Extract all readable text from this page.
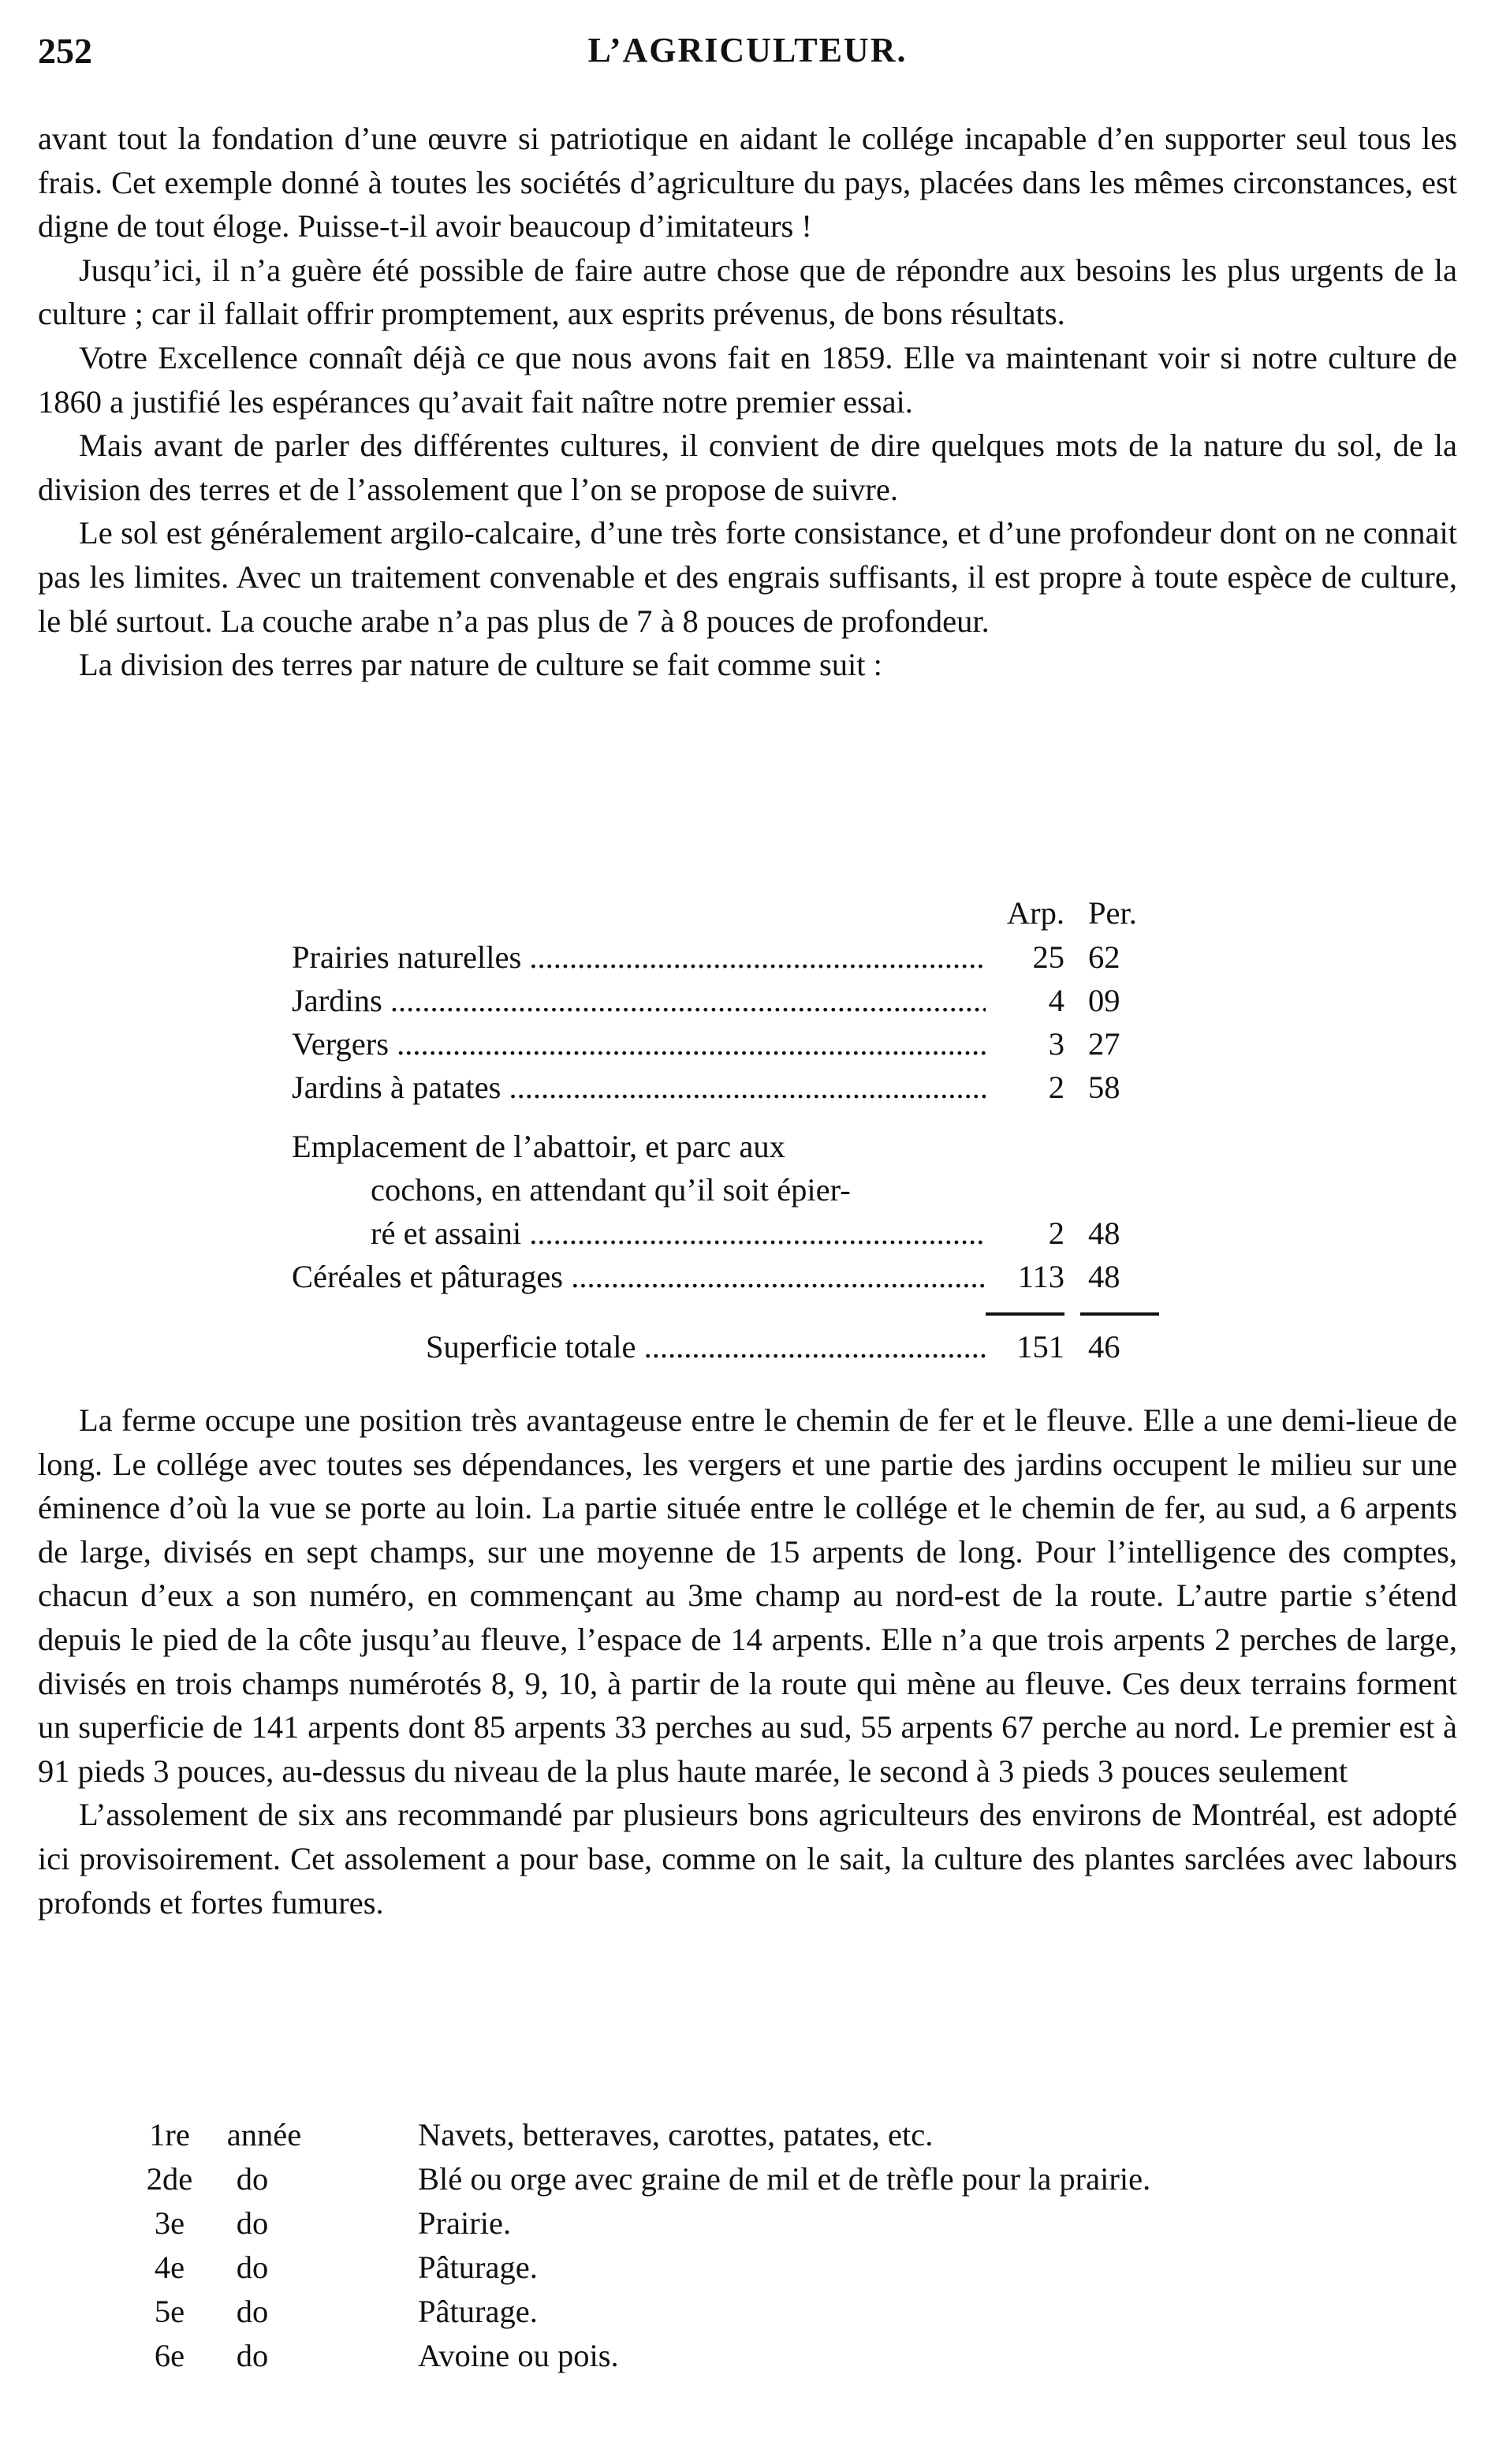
252	L’AGRICULTEUR.

avant tout la fondation d’une œuvre si patriotique en aidant le collége incapable d’en supporter seul tous les frais. Cet exemple donné à toutes les sociétés d’agriculture du pays, placées dans les mêmes circonstances, est digne de tout éloge. Puisse-t-il avoir beaucoup d’imitateurs !

Jusqu’ici, il n’a guère été possible de faire autre chose que de répondre aux besoins les plus urgents de la culture ; car il fallait offrir promptement, aux esprits prévenus, de bons résultats.

Votre Excellence connaît déjà ce que nous avons fait en 1859. Elle va maintenant voir si notre culture de 1860 a justifié les espérances qu’avait fait naître notre premier essai.

Mais avant de parler des différentes cultures, il convient de dire quelques mots de la nature du sol, de la division des terres et de l’assolement que l’on se propose de suivre.

Le sol est généralement argilo-calcaire, d’une très forte consistance, et d’une profondeur dont on ne connait pas les limites. Avec un traitement convenable et des engrais suffisants, il est propre à toute espèce de culture, le blé surtout. La couche arabe n’a pas plus de 7 à 8 pouces de profondeur.

La division des terres par nature de culture se fait comme suit :

Arp. Per.
Prairies naturelles .....	25 62
Jardins .....	4 09
Vergers .....	3 27
Jardins à patates .....	2 58
Emplacement de l’abattoir, et parc aux
cochons, en attendant qu’il soit épier-
ré et assaini .....	2 48
Céréales et pâturages .....	113 48
Superficie totale .....	151 46

La ferme occupe une position très avantageuse entre le chemin de fer et le fleuve. Elle a une demi-lieue de long. Le collége avec toutes ses dépendances, les vergers et une partie des jardins occupent le milieu sur une éminence d’où la vue se porte au loin. La partie située entre le collége et le chemin de fer, au sud, a 6 arpents de large, divisés en sept champs, sur une moyenne de 15 arpents de long. Pour l’intelligence des comptes, chacun d’eux a son numéro, en commençant au 3me champ au nord-est de la route. L’autre partie s’étend depuis le pied de la côte jusqu’au fleuve, l’espace de 14 arpents. Elle n’a que trois arpents 2 perches de large, divisés en trois champs numérotés 8, 9, 10, à partir de la route qui mène au fleuve. Ces deux terrains forment un superficie de 141 arpents dont 85 arpents 33 perches au sud, 55 arpents 67 perche au nord. Le premier est à 91 pieds 3 pouces, au-dessus du niveau de la plus haute marée, le second à 3 pieds 3 pouces seulement

L’assolement de six ans recommandé par plusieurs bons agriculteurs des environs de Montréal, est adopté ici provisoirement. Cet assolement a pour base, comme on le sait, la culture des plantes sarclées avec labours profonds et fortes fumures.

1re	année	Navets, betteraves, carottes, patates, etc.
2de	do	Blé ou orge avec graine de mil et de trèfle pour la prairie.
3e	do	Prairie.
4e	do	Pâturage.
5e	do	Pâturage.
6e	do	Avoine ou pois.
